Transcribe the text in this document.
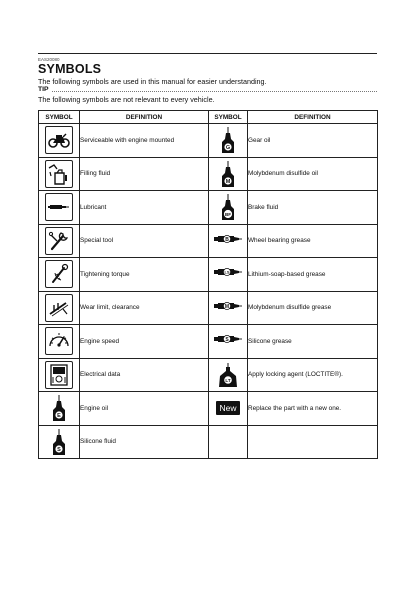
EAS20080
SYMBOLS
The following symbols are used in this manual for easier understanding.
TIP
The following symbols are not relevant to every vehicle.
SYMBOL	DEFINITION	SYMBOL	DEFINITION

	Serviceable with engine mounted	G	Gear oil

	Filling fluid	M	Molybdenum disulfide oil

	Lubricant	BF	Brake fluid

	Special tool	B	Wheel bearing grease

	Tightening torque	LS	Lithium-soap-based grease

	Wear limit, clearance	M	Molybdenum disulfide grease

	Engine speed	S	Silicone grease

	Electrical data	LT	Apply locking agent (LOCTITE®).

E	Engine oil	New	Replace the part with a new one.

S	Silicone fluid		
